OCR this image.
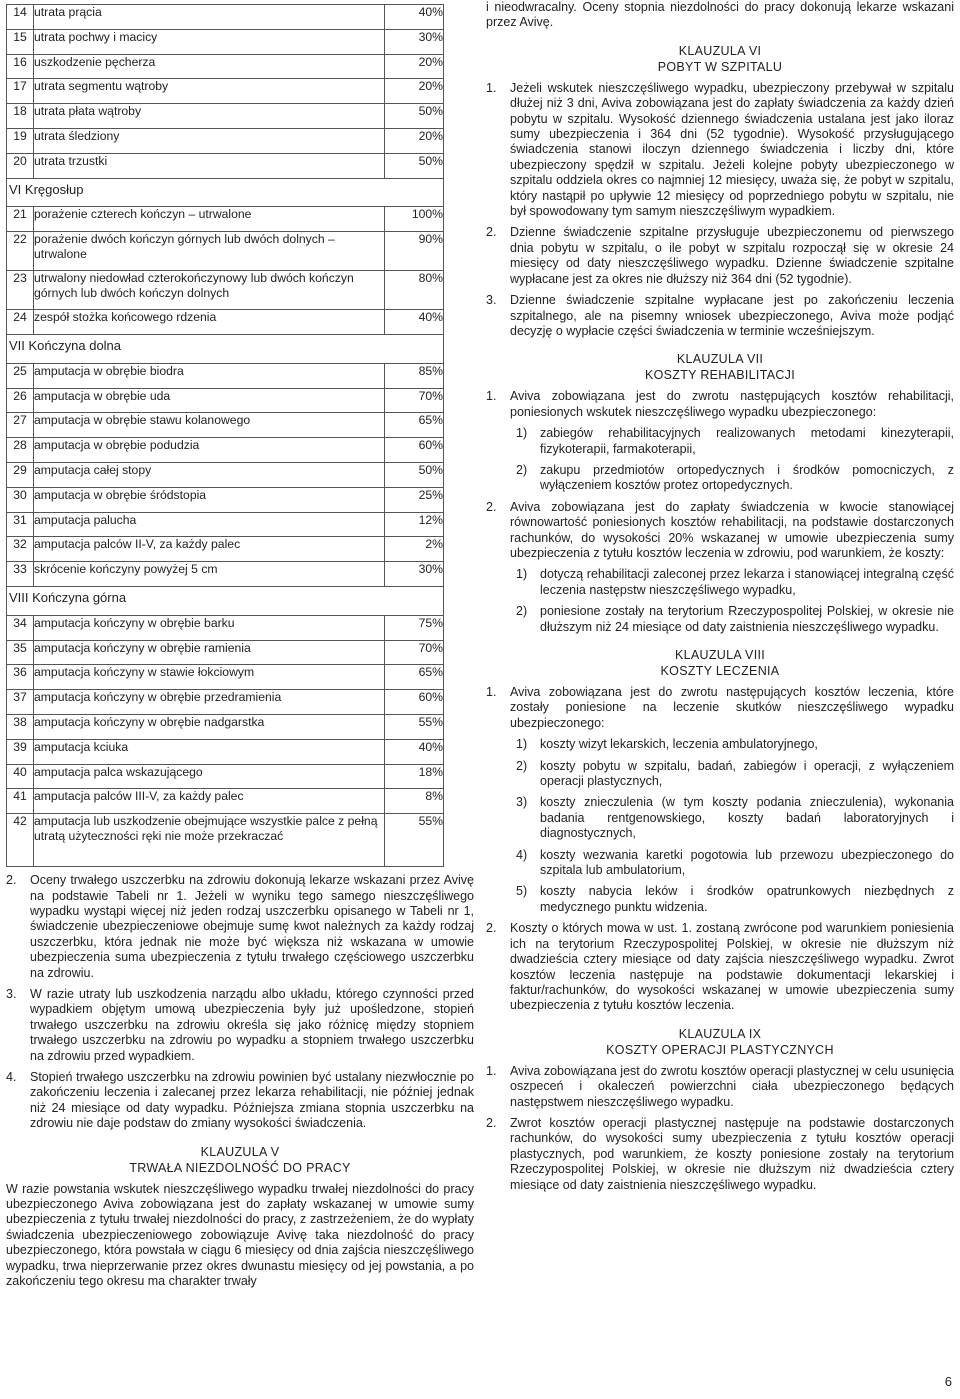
14	utrata prącia	40%
15	utrata pochwy i macicy	30%
16	uszkodzenie pęcherza	20%
17	utrata segmentu wątroby	20%
18	utrata płata wątroby	50%
19	utrata śledziony	20%
20	utrata trzustki	50%
VI Kręgosłup		
21	porażenie czterech kończyn – utrwalone	100%
22	porażenie dwóch kończyn górnych lub dwóch dolnych – utrwalone	90%
23	utrwalony niedowład czterokończynowy lub dwóch kończyn górnych lub dwóch kończyn dolnych	80%
24	zespół stożka końcowego rdzenia	40%
VII Kończyna dolna		
25	amputacja w obrębie biodra	85%
26	amputacja w obrębie uda	70%
27	amputacja w obrębie stawu kolanowego	65%
28	amputacja w obrębie podudzia	60%
29	amputacja całej stopy	50%
30	amputacja w obrębie śródstopia	25%
31	amputacja palucha	12%
32	amputacja palców II-V, za każdy palec	2%
33	skrócenie kończyny powyżej 5 cm	30%
VIII Kończyna górna		
34	amputacja kończyny w obrębie barku	75%
35	amputacja kończyny w obrębie ramienia	70%
36	amputacja kończyny w stawie łokciowym	65%
37	amputacja kończyny w obrębie przedramienia	60%
38	amputacja kończyny w obrębie nadgarstka	55%
39	amputacja kciuka	40%
40	amputacja palca wskazującego	18%
41	amputacja palców III-V, za każdy palec	8%
42	amputacja lub uszkodzenie obejmujące wszystkie palce z pełną utratą użyteczności ręki nie może przekraczać	55%
2.	Oceny trwałego uszczerbku na zdrowiu dokonują lekarze wskazani przez Avivę na podstawie Tabeli nr 1. Jeżeli w wyniku tego samego nieszczęśliwego wypadku wystąpi więcej niż jeden rodzaj uszczerbku opisanego w Tabeli nr 1, świadczenie ubezpieczeniowe obejmuje sumę kwot należnych za każdy rodzaj uszczerbku, która jednak nie może być większa niż wskazana w umowie ubezpieczenia suma ubezpieczenia z tytułu trwałego częściowego uszczerbku na zdrowiu.
3.	W razie utraty lub uszkodzenia narządu albo układu, którego czynności przed wypadkiem objętym umową ubezpieczenia były już upośledzone, stopień trwałego uszczerbku na zdrowiu określa się jako różnicę między stopniem trwałego uszczerbku na zdrowiu po wypadku a stopniem trwałego uszczerbku na zdrowiu przed wypadkiem.
4.	Stopień trwałego uszczerbku na zdrowiu powinien być ustalany niezwłocznie po zakończeniu leczenia i zalecanej przez lekarza rehabilitacji, nie później jednak niż 24 miesiące od daty wypadku. Późniejsza zmiana stopnia uszczerbku na zdrowiu nie daje podstaw do zmiany wysokości świadczenia.
KLAUZULA V
TRWAŁA NIEZDOLNOŚĆ DO PRACY

W razie powstania wskutek nieszczęśliwego wypadku trwałej niezdolności do pracy ubezpieczonego Aviva zobowiązana jest do zapłaty wskazanej w umowie sumy ubezpieczenia z tytułu trwałej niezdolności do pracy, z zastrzeżeniem, że do wypłaty świadczenia ubezpieczeniowego zobowiązuje Avivę taka niezdolność do pracy ubezpieczonego, która powstała w ciągu 6 miesięcy od dnia zajścia nieszczęśliwego wypadku, trwa nieprzerwanie przez okres dwunastu miesięcy od jej powstania, a po zakończeniu tego okresu ma charakter trwały

i nieodwracalny. Oceny stopnia niezdolności do pracy dokonują lekarze wskazani przez Avivę.

KLAUZULA VI
POBYT W SZPITALU
1.	Jeżeli wskutek nieszczęśliwego wypadku, ubezpieczony przebywał w szpitalu dłużej niż 3 dni, Aviva zobowiązana jest do zapłaty świadczenia za każdy dzień pobytu w szpitalu. Wysokość dziennego świadczenia ustalana jest jako iloraz sumy ubezpieczenia i 364 dni (52 tygodnie). Wysokość przysługującego świadczenia stanowi iloczyn dziennego świadczenia i liczby dni, które ubezpieczony spędził w szpitalu. Jeżeli kolejne pobyty ubezpieczonego w szpitalu oddziela okres co najmniej 12 miesięcy, uważa się, że pobyt w szpitalu, który nastąpił po upływie 12 miesięcy od poprzedniego pobytu w szpitalu, nie był spowodowany tym samym nieszczęśliwym wypadkiem.
2.	Dzienne świadczenie szpitalne przysługuje ubezpieczonemu od pierwszego dnia pobytu w szpitalu, o ile pobyt w szpitalu rozpoczął się w okresie 24 miesięcy od daty nieszczęśliwego wypadku. Dzienne świadczenie szpitalne wypłacane jest za okres nie dłuższy niż 364 dni (52 tygodnie).
3.	Dzienne świadczenie szpitalne wypłacane jest po zakończeniu leczenia szpitalnego, ale na pisemny wniosek ubezpieczonego, Aviva może podjąć decyzję o wypłacie części świadczenia w terminie wcześniejszym.
KLAUZULA VII
KOSZTY REHABILITACJI
1.	Aviva zobowiązana jest do zwrotu następujących kosztów rehabilitacji, poniesionych wskutek nieszczęśliwego wypadku ubezpieczonego:
1)	zabiegów rehabilitacyjnych realizowanych metodami kinezyterapii, fizykoterapii, farmakoterapii,
2)	zakupu przedmiotów ortopedycznych i środków pomocniczych, z wyłączeniem kosztów protez ortopedycznych.
2.	Aviva zobowiązana jest do zapłaty świadczenia w kwocie stanowiącej równowartość poniesionych kosztów rehabilitacji, na podstawie dostarczonych rachunków, do wysokości 20% wskazanej w umowie ubezpieczenia sumy ubezpieczenia z tytułu kosztów leczenia w zdrowiu, pod warunkiem, że koszty:
1)	dotyczą rehabilitacji zaleconej przez lekarza i stanowiącej integralną część leczenia następstw nieszczęśliwego wypadku,
2)	poniesione zostały na terytorium Rzeczypospolitej Polskiej, w okresie nie dłuższym niż 24 miesiące od daty zaistnienia nieszczęśliwego wypadku.
KLAUZULA VIII
KOSZTY LECZENIA
1.	Aviva zobowiązana jest do zwrotu następujących kosztów leczenia, które zostały poniesione na leczenie skutków nieszczęśliwego wypadku ubezpieczonego:
1)	koszty wizyt lekarskich, leczenia ambulatoryjnego,
2)	koszty pobytu w szpitalu, badań, zabiegów i operacji, z wyłączeniem operacji plastycznych,
3)	koszty znieczulenia (w tym koszty podania znieczulenia), wykonania badania rentgenowskiego, koszty badań laboratoryjnych i diagnostycznych,
4)	koszty wezwania karetki pogotowia lub przewozu ubezpieczonego do szpitala lub ambulatorium,
5)	koszty nabycia leków i środków opatrunkowych niezbędnych z medycznego punktu widzenia.
2.	Koszty o których mowa w ust. 1. zostaną zwrócone pod warunkiem poniesienia ich na terytorium Rzeczypospolitej Polskiej, w okresie nie dłuższym niż dwadzieścia cztery miesiące od daty zajścia nieszczęśliwego wypadku. Zwrot kosztów leczenia następuje na podstawie dokumentacji lekarskiej i faktur/rachunków, do wysokości wskazanej w umowie ubezpieczenia sumy ubezpieczenia z tytułu kosztów leczenia.
KLAUZULA IX
KOSZTY OPERACJI PLASTYCZNYCH
1.	Aviva zobowiązana jest do zwrotu kosztów operacji plastycznej w celu usunięcia oszpeceń i okaleczeń powierzchni ciała ubezpieczonego będących następstwem nieszczęśliwego wypadku.
2.	Zwrot kosztów operacji plastycznej następuje na podstawie dostarczonych rachunków, do wysokości sumy ubezpieczenia z tytułu kosztów operacji plastycznych, pod warunkiem, że koszty poniesione zostały na terytorium Rzeczypospolitej Polskiej, w okresie nie dłuższym niż dwadzieścia cztery miesiące od daty zaistnienia nieszczęśliwego wypadku.
6
